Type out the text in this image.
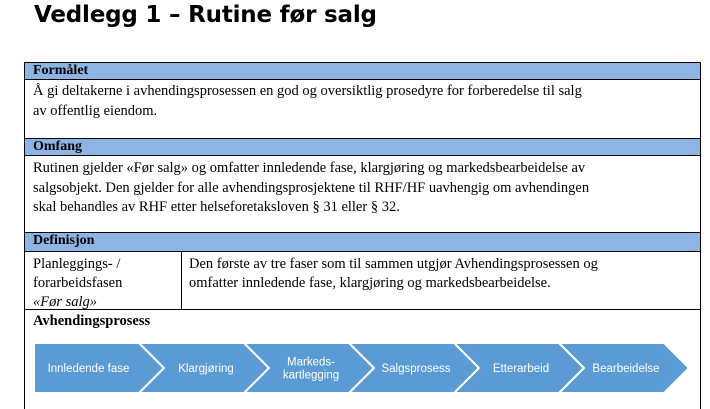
Vedlegg 1 – Rutine før salg
Formålet
Å gi deltakerne i avhendingsprosessen en god og oversiktlig prosedyre for forberedelse til salg
av offentlig eiendom.
Omfang
Rutinen gjelder «Før salg» og omfatter innledende fase, klargjøring og markedsbearbeidelse av
salgsobjekt. Den gjelder for alle avhendingsprosjektene til RHF/HF uavhengig om avhendingen
skal behandles av RHF etter helseforetaksloven § 31 eller § 32.
Definisjon
Planleggings- /
forarbeidsfasen
«Før salg»
Den første av tre faser som til sammen utgjør Avhendingsprosessen og
omfatter innledende fase, klargjøring og markedsbearbeidelse.
Avhendingsprosess
Innledende fase	Klargjøring
Markeds-kartlegging
Salgsprosess	Etterarbeid	Bearbeidelse
